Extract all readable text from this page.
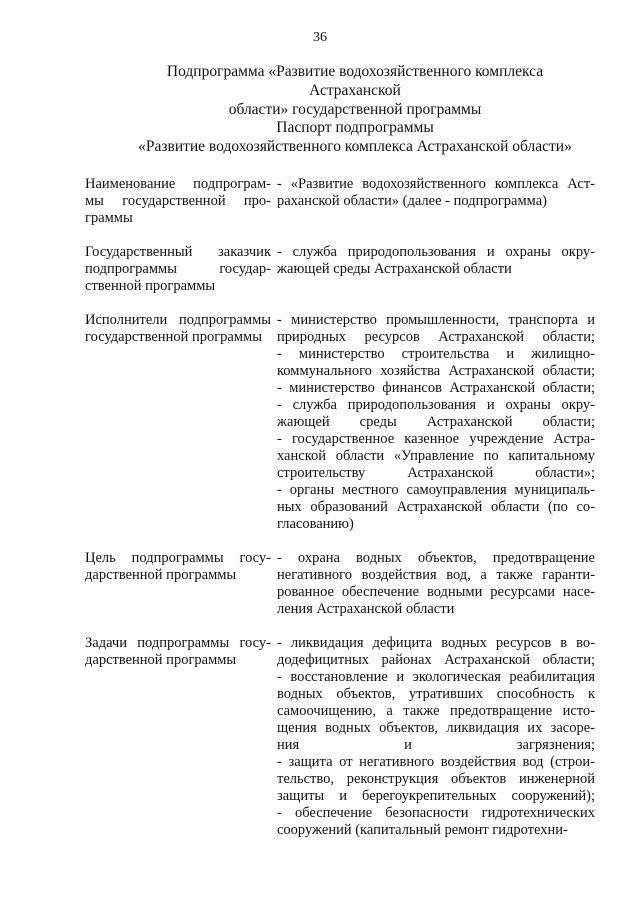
36
Подпрограмма «Развитие водохозяйственного комплекса Астраханской
области» государственной программы
Паспорт подпрограммы
«Развитие водохозяйственного комплекса Астраханской области»
Наименование подпрограм-
мы государственной про-
граммы
- «Развитие водохозяйственного комплекса Аст-
раханской области» (далее - подпрограмма)
Государственный заказчик
подпрограммы государ-
ственной программы
- служба природопользования и охраны окру-
жающей среды Астраханской области
Исполнители подпрограммы
государственной программы
- министерство промышленности, транспорта и
природных ресурсов Астраханской области;
- министерство строительства и жилищно-
коммунального хозяйства Астраханской области;
- министерство финансов Астраханской области;
- служба природопользования и охраны окру-
жающей среды Астраханской области;
- государственное казенное учреждение Астра-
ханской области «Управление по капитальному
строительству Астраханской области»;
- органы местного самоуправления муниципаль-
ных образований Астраханской области (по со-
гласованию)
Цель подпрограммы госу-
дарственной программы
- охрана водных объектов, предотвращение
негативного воздействия вод, а также гаранти-
рованное обеспечение водными ресурсами насе-
ления Астраханской области
Задачи подпрограммы госу-
дарственной программы
- ликвидация дефицита водных ресурсов в во-
додефицитных районах Астраханской области;
- восстановление и экологическая реабилитация
водных объектов, утративших способность к
самоочищению, а также предотвращение исто-
щения водных объектов, ликвидация их засоре-
ния и загрязнения;
- защита от негативного воздействия вод (строи-
тельство, реконструкция объектов инженерной
защиты и берегоукрепительных сооружений);
- обеспечение безопасности гидротехнических
сооружений (капитальный ремонт гидротехни-
